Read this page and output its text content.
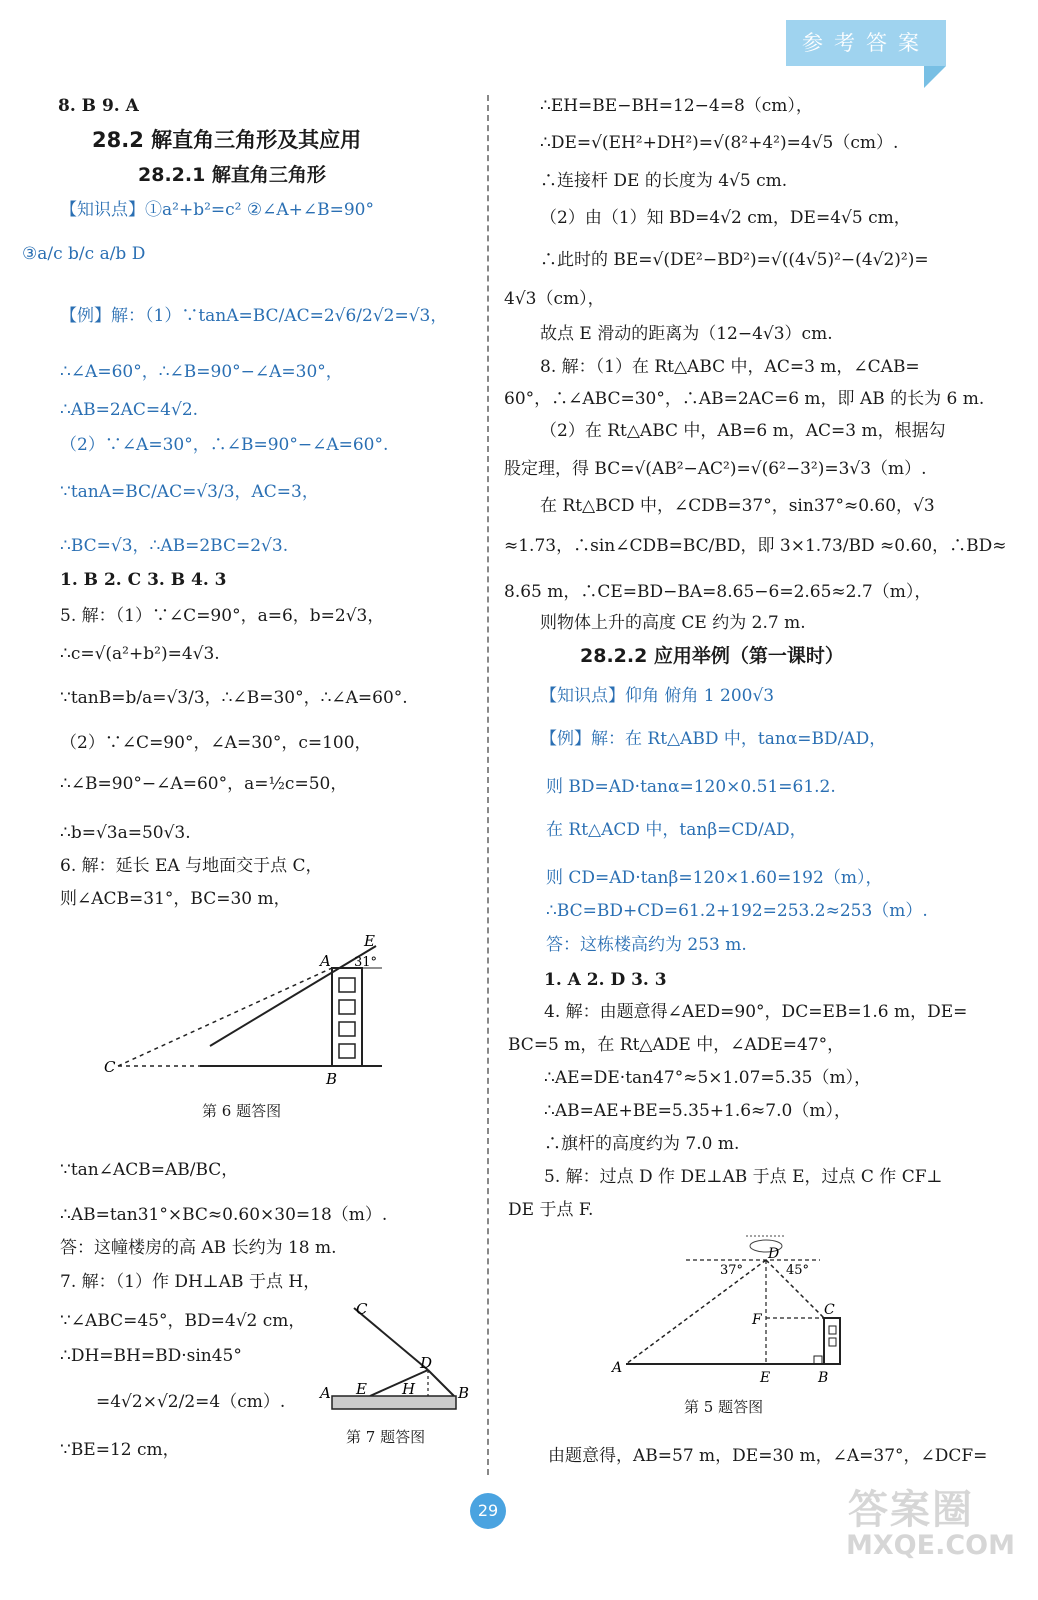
参考答案
8. B 9. A
28.2 解直角三角形及其应用
28.2.1 解直角三角形
【知识点】①a²+b²=c² ②∠A+∠B=90°
③a/c b/c a/b D
【例】解：（1）∵tanA=BC/AC=2√6/2√2=√3，
∴∠A=60°，∴∠B=90°−∠A=30°，
∴AB=2AC=4√2.
（2）∵∠A=30°，∴∠B=90°−∠A=60°.
∵tanA=BC/AC=√3/3，AC=3，
∴BC=√3，∴AB=2BC=2√3.
1. B 2. C 3. B 4. 3
5. 解：（1）∵∠C=90°，a=6，b=2√3，
∴c=√(a²+b²)=4√3.
∵tanB=b/a=√3/3，∴∠B=30°，∴∠A=60°.
（2）∵∠C=90°，∠A=30°，c=100，
∴∠B=90°−∠A=60°，a=½c=50，
∴b=√3a=50√3.
6. 解：延长 EA 与地面交于点 C，
则∠ACB=31°，BC=30 m，
∵tan∠ACB=AB/BC，
∴AB=tan31°×BC≈0.60×30=18（m）.
答：这幢楼房的高 AB 长约为 18 m.
7. 解：（1）作 DH⊥AB 于点 H，
∵∠ABC=45°，BD=4√2 cm，
∴DH=BH=BD·sin45°
=4√2×√2/2=4（cm）.
∵BE=12 cm，
∴EH=BE−BH=12−4=8（cm），
∴DE=√(EH²+DH²)=√(8²+4²)=4√5（cm）.
∴连接杆 DE 的长度为 4√5 cm.
（2）由（1）知 BD=4√2 cm，DE=4√5 cm，
∴此时的 BE=√(DE²−BD²)=√((4√5)²−(4√2)²)=
4√3（cm），
故点 E 滑动的距离为（12−4√3）cm.
8. 解：（1）在 Rt△ABC 中，AC=3 m，∠CAB=
60°，∴∠ABC=30°，∴AB=2AC=6 m，即 AB 的长为 6 m.
（2）在 Rt△ABC 中，AB=6 m，AC=3 m，根据勾
股定理，得 BC=√(AB²−AC²)=√(6²−3²)=3√3（m）.
在 Rt△BCD 中，∠CDB=37°，sin37°≈0.60，√3
≈1.73，∴sin∠CDB=BC/BD，即 3×1.73/BD ≈0.60，∴BD≈
8.65 m，∴CE=BD−BA=8.65−6=2.65≈2.7（m），
则物体上升的高度 CE 约为 2.7 m.
28.2.2 应用举例（第一课时）
【知识点】仰角 俯角 1 200√3
【例】解：在 Rt△ABD 中，tanα=BD/AD，
则 BD=AD·tanα=120×0.51=61.2.
在 Rt△ACD 中，tanβ=CD/AD，
则 CD=AD·tanβ=120×1.60=192（m），
∴BC=BD+CD=61.2+192=253.2≈253（m）.
答：这栋楼高约为 253 m.
1. A 2. D 3. 3
4. 解：由题意得∠AED=90°，DC=EB=1.6 m，DE=
BC=5 m，在 Rt△ADE 中，∠ADE=47°，
∴AE=DE·tan47°≈5×1.07=5.35（m），
∴AB=AE+BE=5.35+1.6≈7.0（m），
∴旗杆的高度约为 7.0 m.
5. 解：过点 D 作 DE⊥AB 于点 E，过点 C 作 CF⊥
DE 于点 F.
由题意得，AB=57 m，DE=30 m，∠A=37°，∠DCF=
A
E
31°
C
B
第 6 题答图
C
D
H
E
A	B
第 7 题答图
D
37°	45°
F
C
A
E	B
第 5 题答图
29	答案圈
MXQE.COM
